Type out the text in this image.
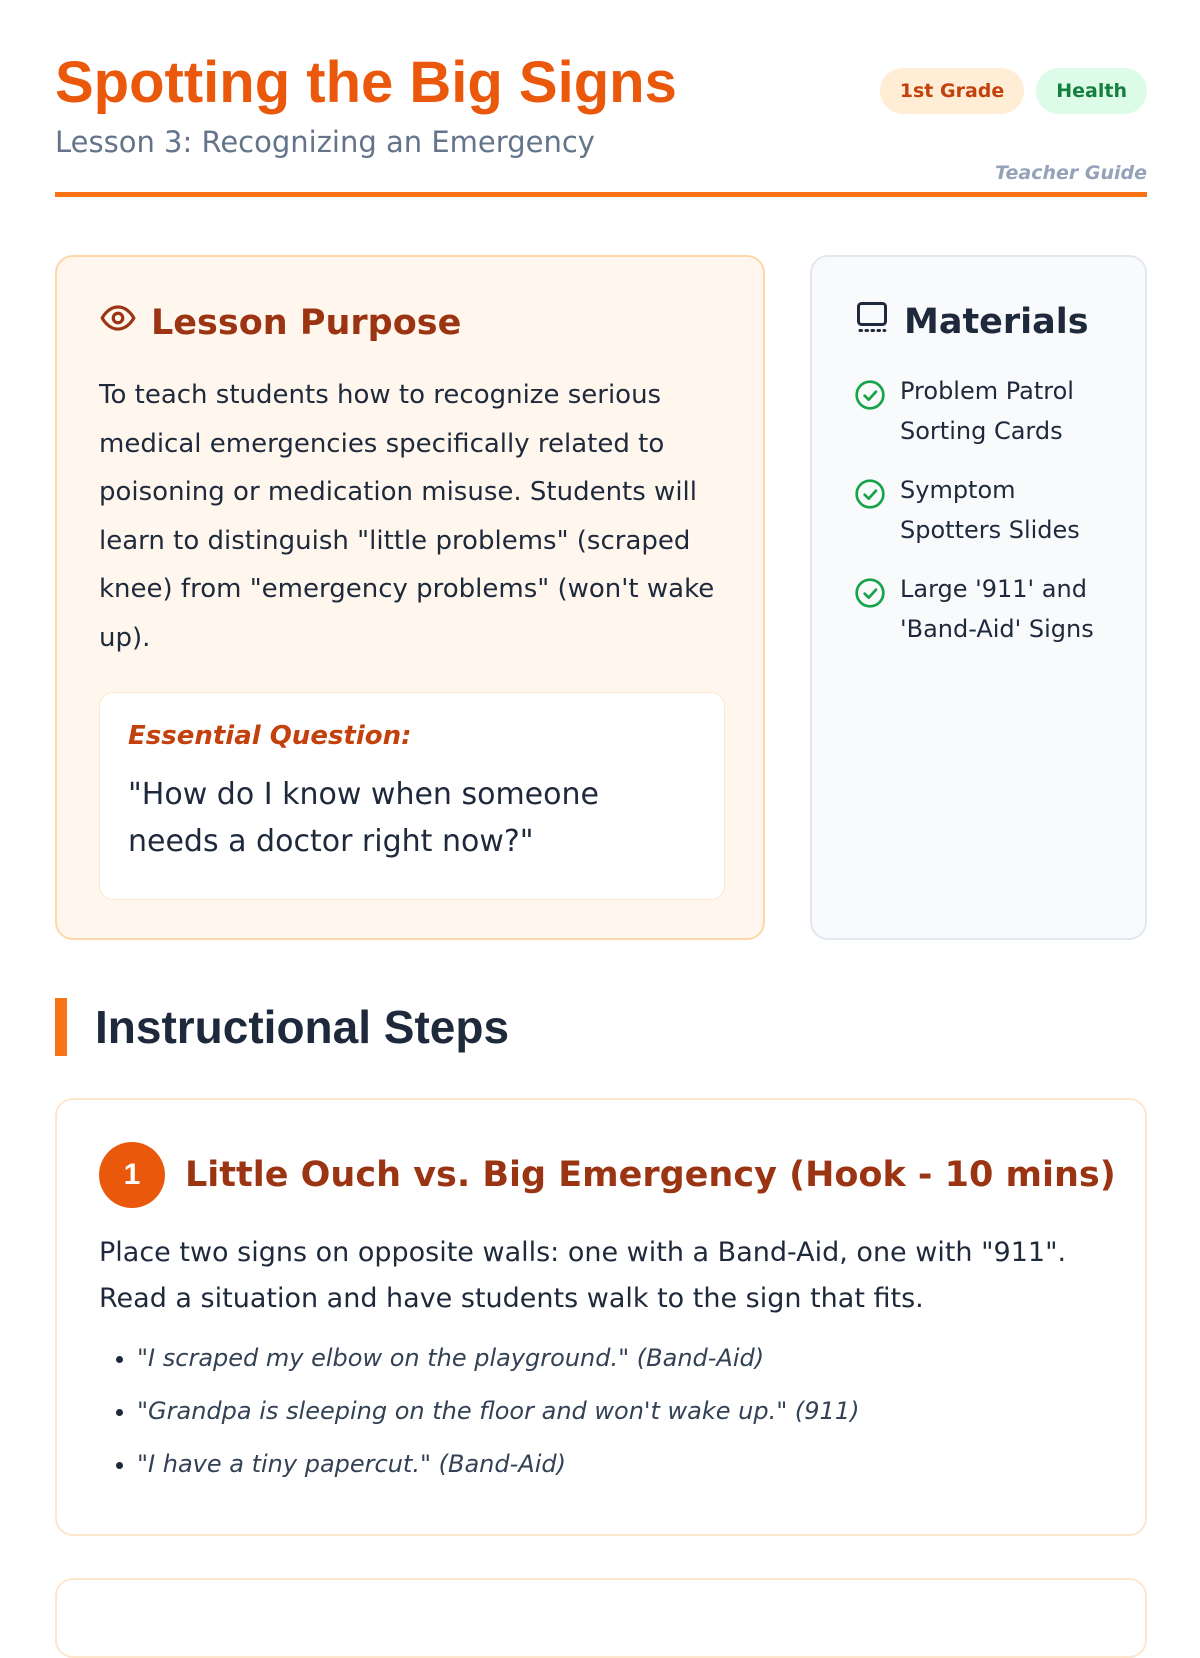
Spotting the Big Signs
Lesson 3: Recognizing an Emergency
1st Grade	Health
Teacher Guide
Lesson Purpose

To teach students how to recognize serious medical emergencies specifically related to poisoning or medication misuse. Students will learn to distinguish "little problems" (scraped knee) from "emergency problems" (won't wake up).

Essential Question:
"How do I know when someone needs a doctor right now?"
Materials
Problem Patrol Sorting Cards
Symptom Spotters Slides
Large '911' and 'Band-Aid' Signs
Instructional Steps
1	Little Ouch vs. Big Emergency (Hook - 10 mins)

Place two signs on opposite walls: one with a Band-Aid, one with "911". Read a situation and have students walk to the sign that fits.

• "I scraped my elbow on the playground." (Band-Aid)
• "Grandpa is sleeping on the floor and won't wake up." (911)
• "I have a tiny papercut." (Band-Aid)
